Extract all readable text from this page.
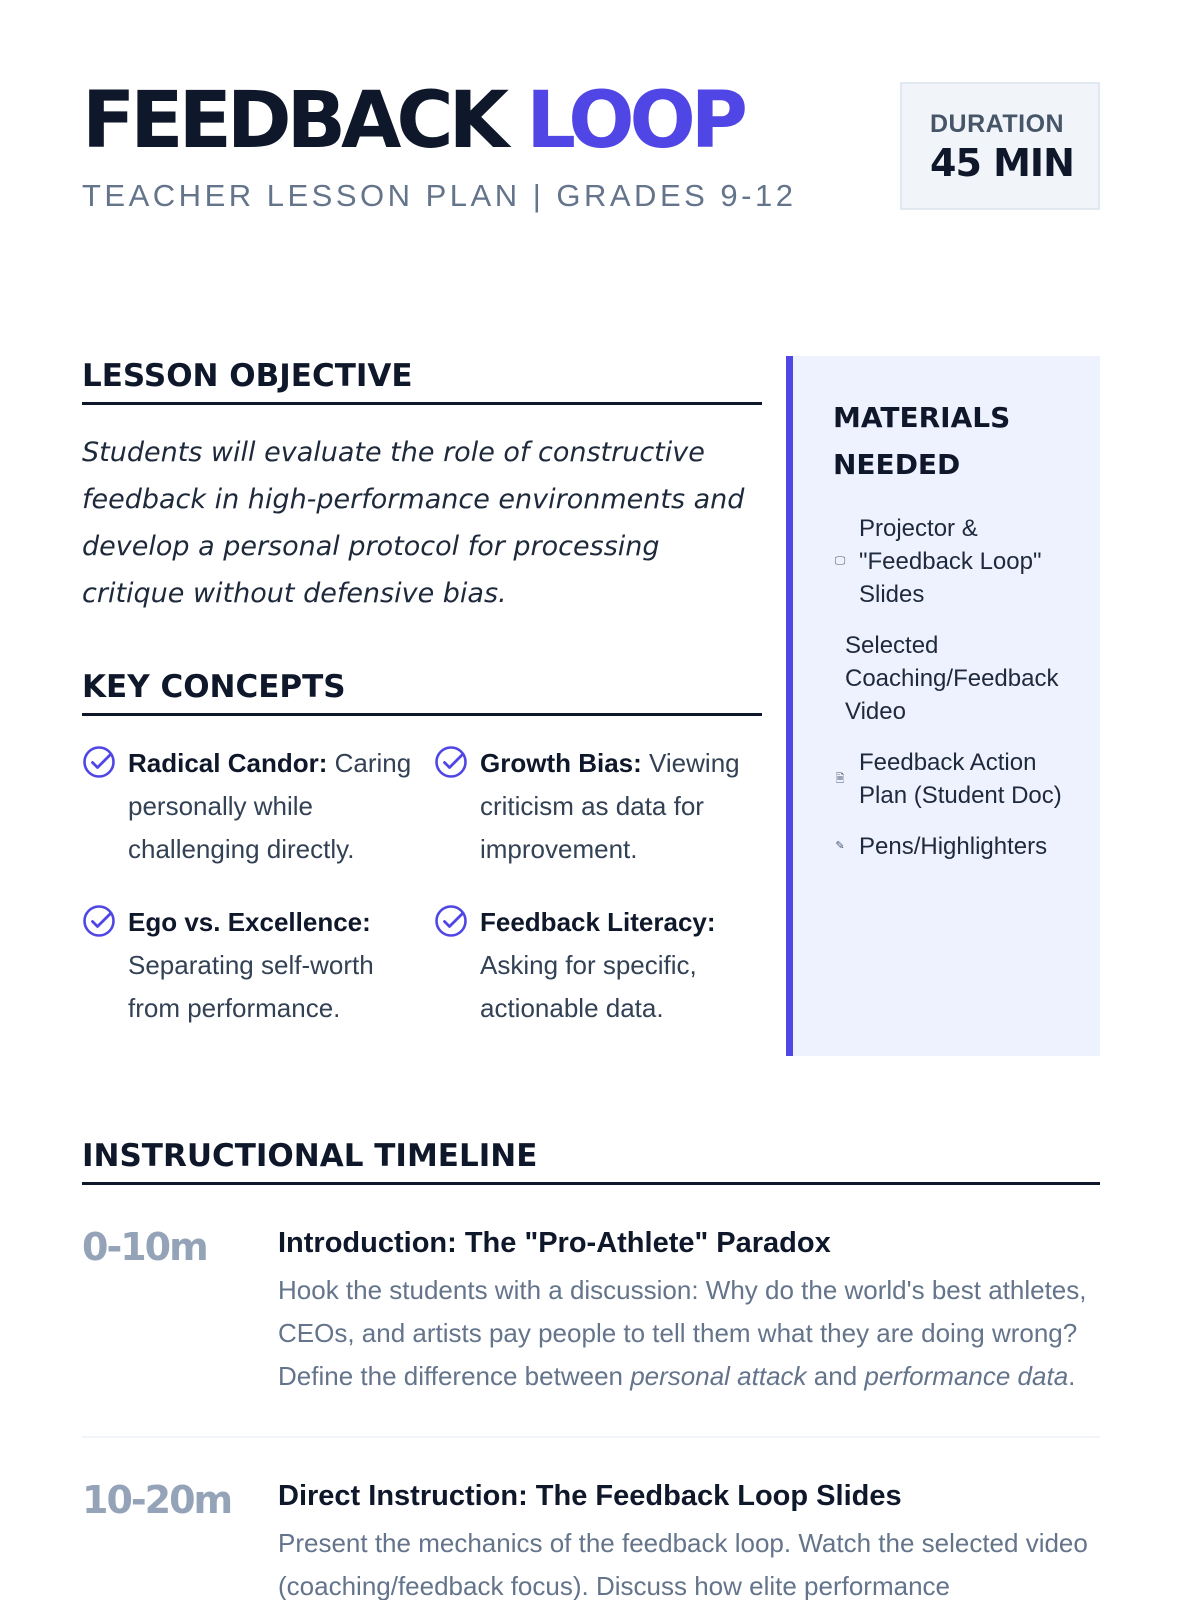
FEEDBACK LOOP
TEACHER LESSON PLAN | GRADES 9-12
DURATION
45 MIN
LESSON OBJECTIVE

Students will evaluate the role of constructive feedback in high-performance environments and develop a personal protocol for processing critique without defensive bias.

KEY CONCEPTS
Radical Candor: Caring personally while challenging directly.
Growth Bias: Viewing criticism as data for improvement.
Ego vs. Excellence: Separating self-worth from performance.
Feedback Literacy: Asking for specific, actionable data.
MATERIALS NEEDED
🖵
Projector & "Feedback Loop" Slides
Selected Coaching/Feedback Video
🗎
Feedback Action Plan (Student Doc)
✎ Pens/Highlighters
INSTRUCTIONAL TIMELINE
0-10m Introduction: The "Pro-Athlete" Paradox
Hook the students with a discussion: Why do the world's best athletes, CEOs, and artists pay people to tell them what they are doing wrong? Define the difference between personal attack and performance data.
10-20m Direct Instruction: The Feedback Loop Slides
Present the mechanics of the feedback loop. Watch the selected video (coaching/feedback focus). Discuss how elite performance
